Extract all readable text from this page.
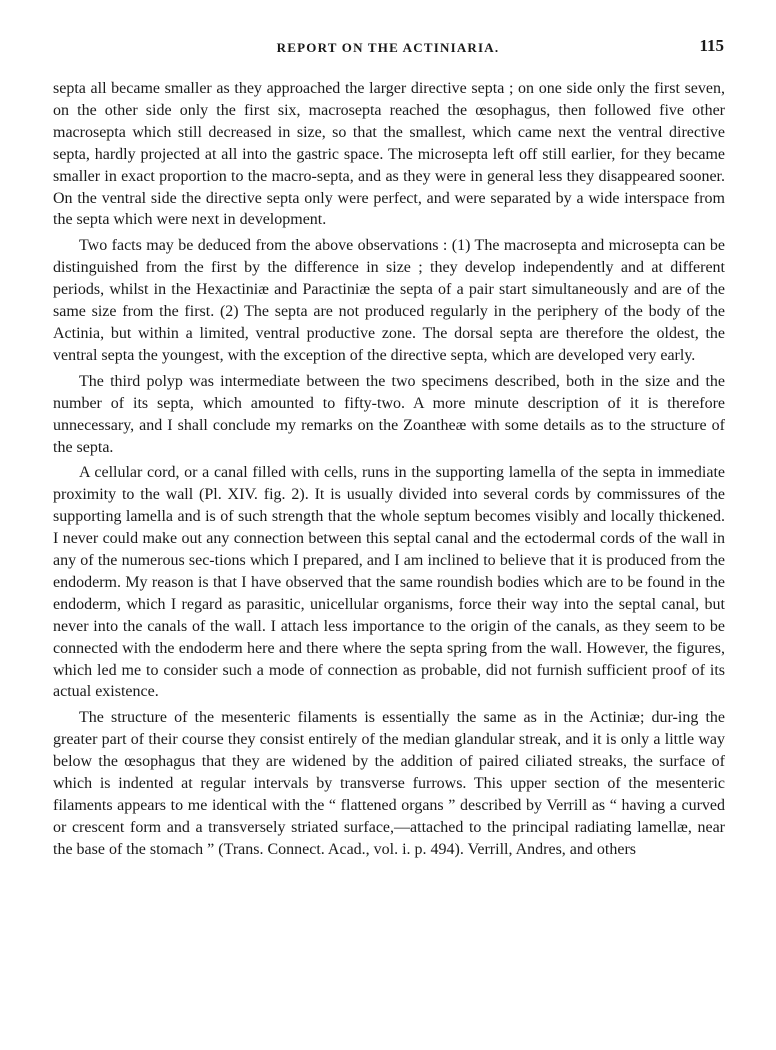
REPORT ON THE ACTINIARIA.	115

septa all became smaller as they approached the larger directive septa ; on one side only the first seven, on the other side only the first six, macrosepta reached the œsophagus, then followed five other macrosepta which still decreased in size, so that the smallest, which came next the ventral directive septa, hardly projected at all into the gastric space. The microsepta left off still earlier, for they became smaller in exact proportion to the macro-septa, and as they were in general less they disappeared sooner. On the ventral side the directive septa only were perfect, and were separated by a wide interspace from the septa which were next in development.

Two facts may be deduced from the above observations : (1) The macrosepta and microsepta can be distinguished from the first by the difference in size ; they develop independently and at different periods, whilst in the Hexactiniæ and Paractiniæ the septa of a pair start simultaneously and are of the same size from the first. (2) The septa are not produced regularly in the periphery of the body of the Actinia, but within a limited, ventral productive zone. The dorsal septa are therefore the oldest, the ventral septa the youngest, with the exception of the directive septa, which are developed very early.

The third polyp was intermediate between the two specimens described, both in the size and the number of its septa, which amounted to fifty-two. A more minute description of it is therefore unnecessary, and I shall conclude my remarks on the Zoantheæ with some details as to the structure of the septa.

A cellular cord, or a canal filled with cells, runs in the supporting lamella of the septa in immediate proximity to the wall (Pl. XIV. fig. 2). It is usually divided into several cords by commissures of the supporting lamella and is of such strength that the whole septum becomes visibly and locally thickened. I never could make out any connection between this septal canal and the ectodermal cords of the wall in any of the numerous sec-tions which I prepared, and I am inclined to believe that it is produced from the endoderm. My reason is that I have observed that the same roundish bodies which are to be found in the endoderm, which I regard as parasitic, unicellular organisms, force their way into the septal canal, but never into the canals of the wall. I attach less importance to the origin of the canals, as they seem to be connected with the endoderm here and there where the septa spring from the wall. However, the figures, which led me to consider such a mode of connection as probable, did not furnish sufficient proof of its actual existence.

The structure of the mesenteric filaments is essentially the same as in the Actiniæ; dur-ing the greater part of their course they consist entirely of the median glandular streak, and it is only a little way below the œsophagus that they are widened by the addition of paired ciliated streaks, the surface of which is indented at regular intervals by transverse furrows. This upper section of the mesenteric filaments appears to me identical with the “ flattened organs ” described by Verrill as “ having a curved or crescent form and a transversely striated surface,—attached to the principal radiating lamellæ, near the base of the stomach ” (Trans. Connect. Acad., vol. i. p. 494). Verrill, Andres, and others
